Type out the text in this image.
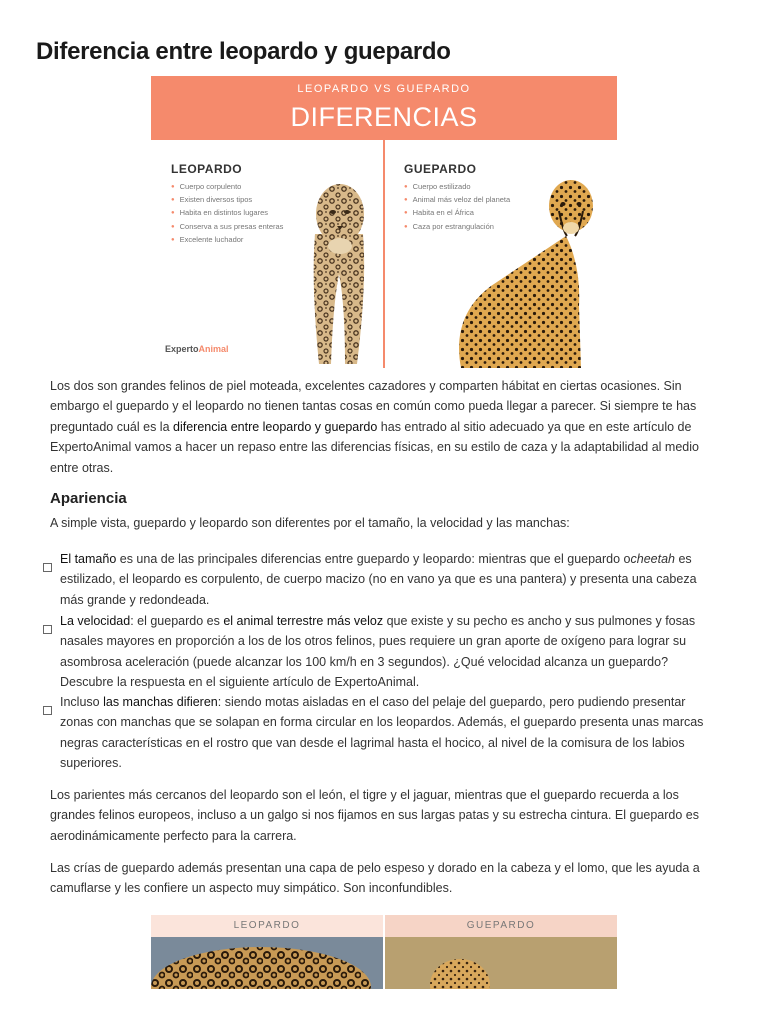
Diferencia entre leopardo y guepardo
LEOPARDO VS GUEPARDO
DIFERENCIAS
LEOPARDO
● Cuerpo corpulento
● Existen diversos tipos
● Habita en distintos lugares
● Conserva a sus presas enteras
● Excelente luchador
GUEPARDO
● Cuerpo estilizado
● Animal más veloz del planeta
● Habita en el África
● Caza por estrangulación
ExpertoAnimal

Los dos son grandes felinos de piel moteada, excelentes cazadores y comparten hábitat en ciertas ocasiones. Sin embargo el guepardo y el leopardo no tienen tantas cosas en común como pueda llegar a parecer. Si siempre te has preguntado cuál es la diferencia entre leopardo y guepardo has entrado al sitio adecuado ya que en este artículo de ExpertoAnimal vamos a hacer un repaso entre las diferencias físicas, en su estilo de caza y la adaptabilidad al medio entre otras.

Apariencia

A simple vista, guepardo y leopardo son diferentes por el tamaño, la velocidad y las manchas:

El tamaño es una de las principales diferencias entre guepardo y leopardo: mientras que el guepardo ocheetah es estilizado, el leopardo es corpulento, de cuerpo macizo (no en vano ya que es una pantera) y presenta una cabeza más grande y redondeada.

La velocidad: el guepardo es el animal terrestre más veloz que existe y su pecho es ancho y sus pulmones y fosas nasales mayores en proporción a los de los otros felinos, pues requiere un gran aporte de oxígeno para lograr su asombrosa aceleración (puede alcanzar los 100 km/h en 3 segundos). ¿Qué velocidad alcanza un guepardo? Descubre la respuesta en el siguiente artículo de ExpertoAnimal.

Incluso las manchas difieren: siendo motas aisladas en el caso del pelaje del guepardo, pero pudiendo presentar zonas con manchas que se solapan en forma circular en los leopardos. Además, el guepardo presenta unas marcas negras características en el rostro que van desde el lagrimal hasta el hocico, al nivel de la comisura de los labios superiores.

Los parientes más cercanos del leopardo son el león, el tigre y el jaguar, mientras que el guepardo recuerda a los grandes felinos europeos, incluso a un galgo si nos fijamos en sus largas patas y su estrecha cintura. El guepardo es aerodinámicamente perfecto para la carrera.

Las crías de guepardo además presentan una capa de pelo espeso y dorado en la cabeza y el lomo, que les ayuda a camuflarse y les confiere un aspecto muy simpático. Son inconfundibles.

LEOPARDO	GUEPARDO
